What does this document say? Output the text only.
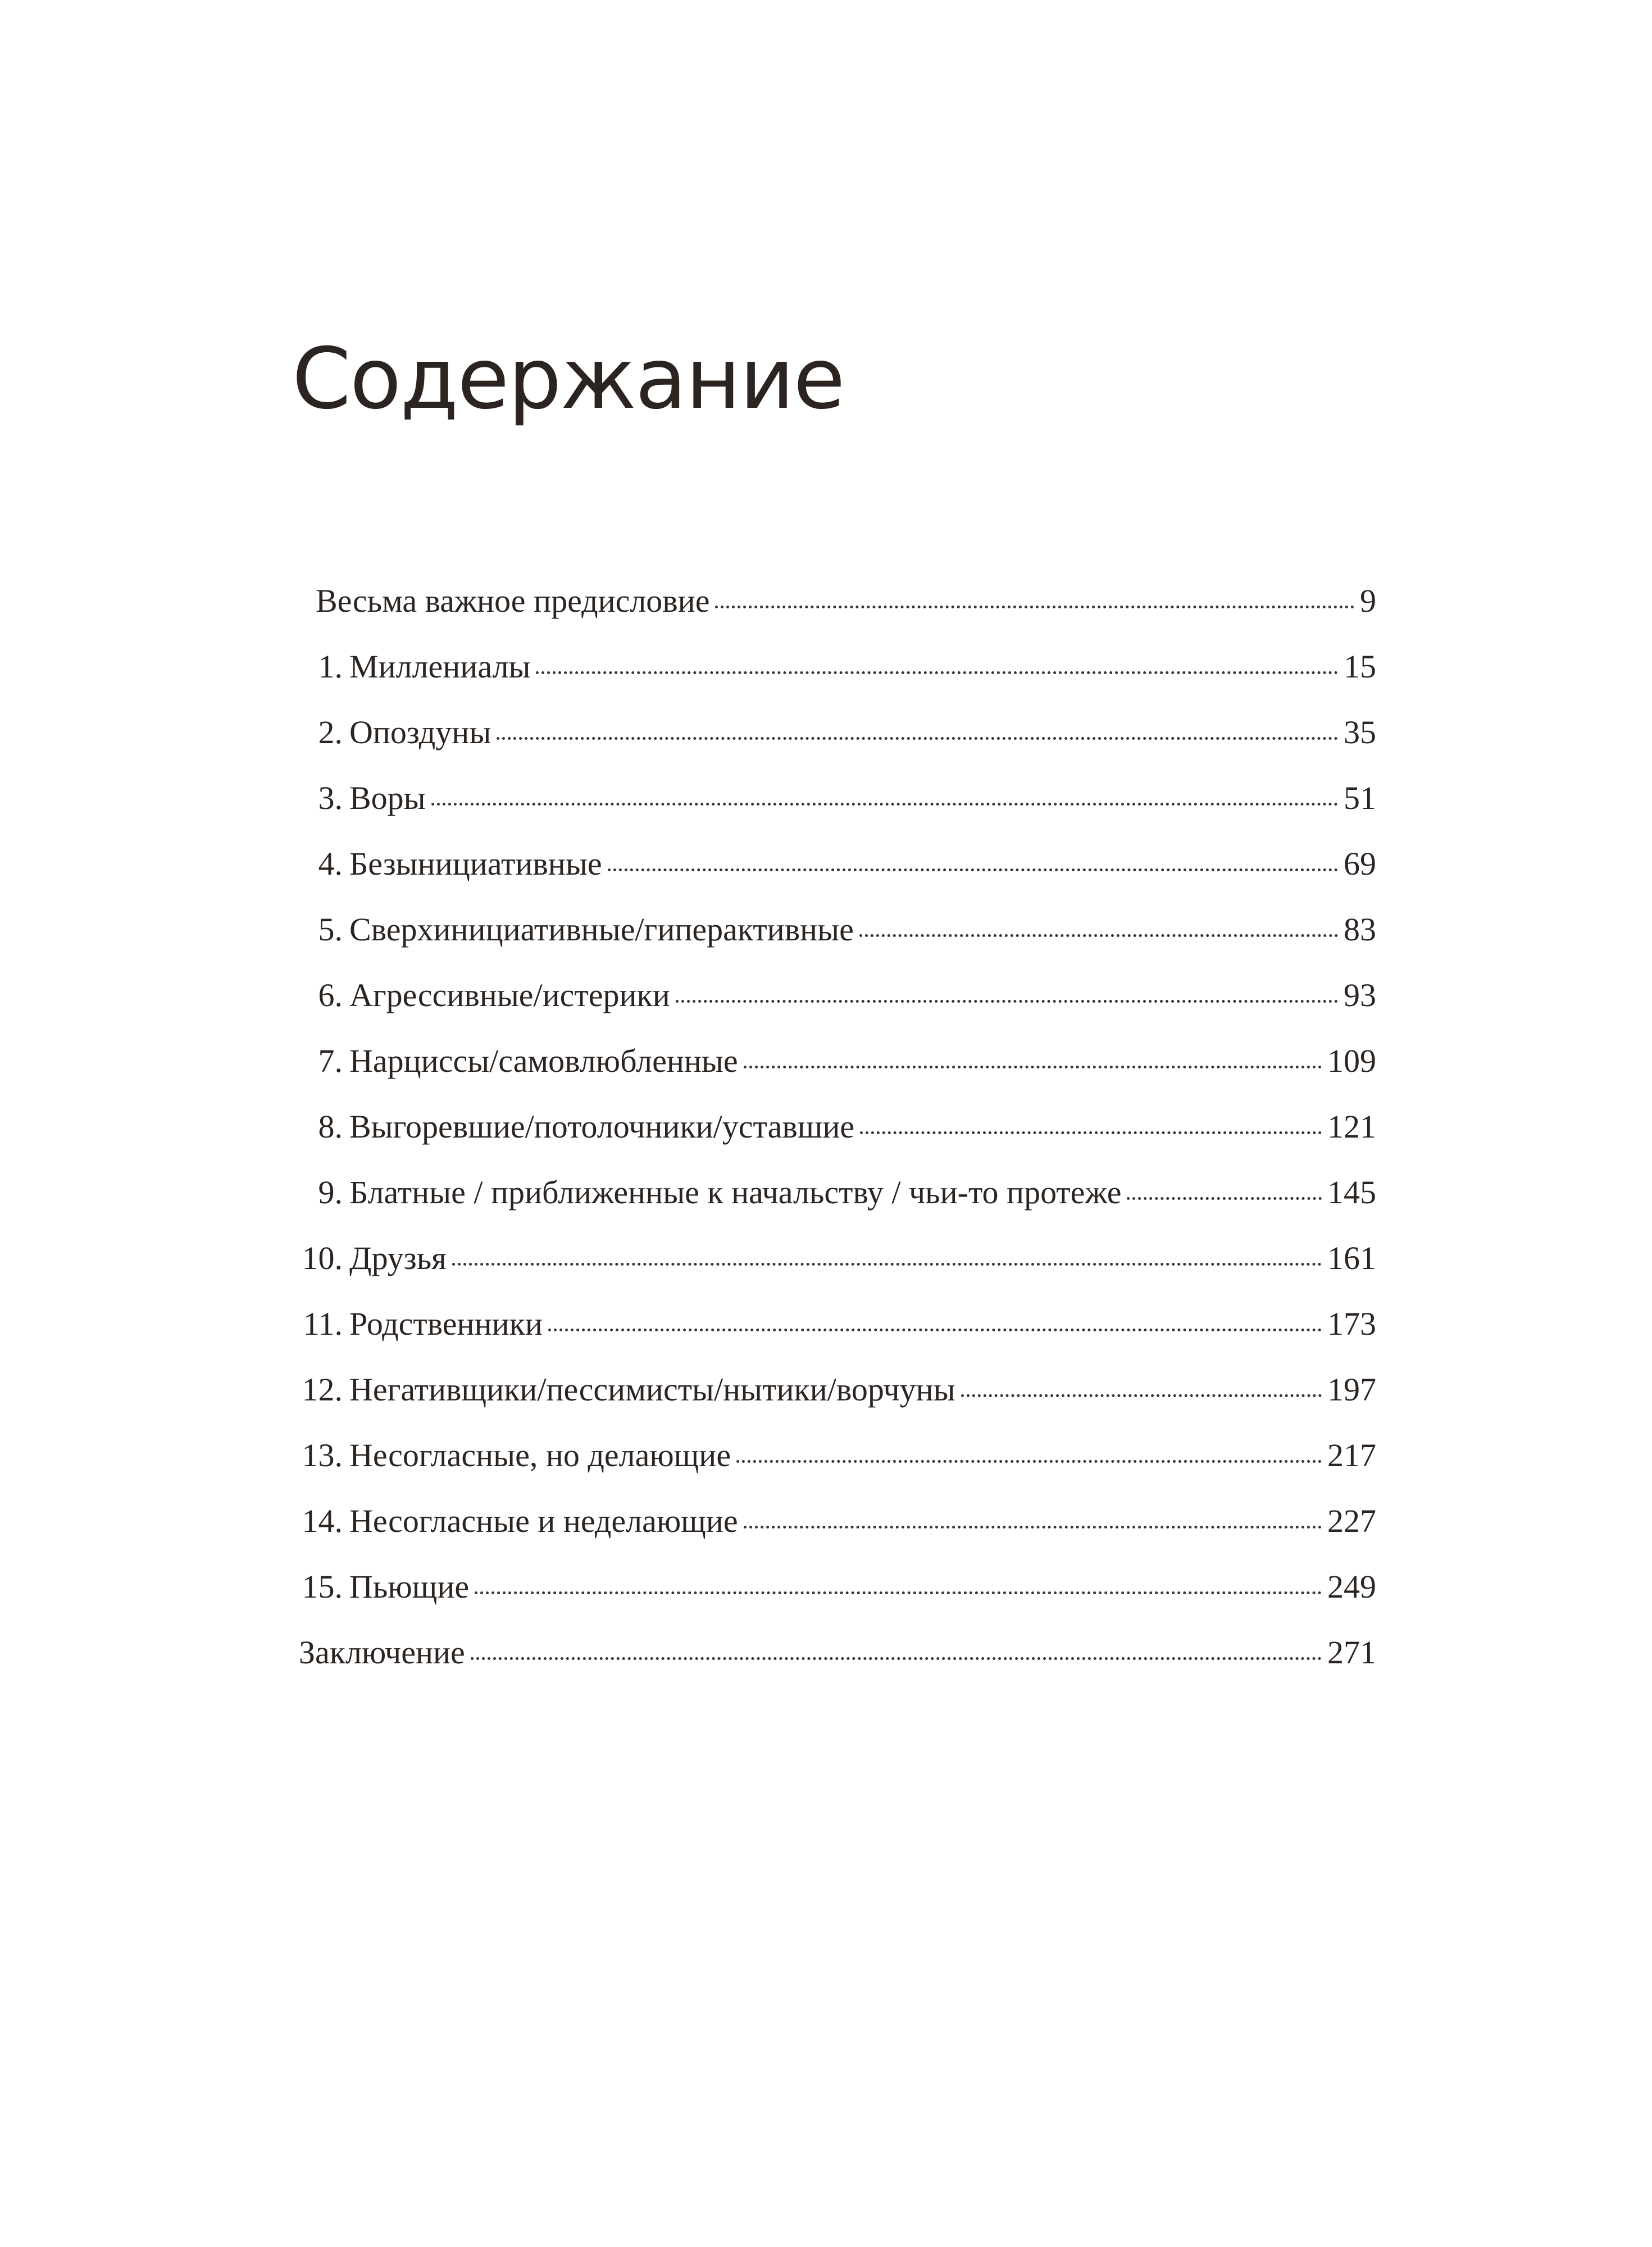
Содержание
Весьма важное предисловие	9
1. Миллениалы	15
2. Опоздуны	35
3. Воры	51
4. Безынициативные	69
5. Сверхинициативные/гиперактивные	83
6. Агрессивные/истерики	93
7. Нарциссы/самовлюбленные	109
8. Выгоревшие/потолочники/уставшие	121
9. Блатные / приближенные к начальству / чьи-то протеже	145
10. Друзья	161
11. Родственники	173
12. Негативщики/пессимисты/нытики/ворчуны	197
13. Несогласные, но делающие	217
14. Несогласные и неделающие	227
15. Пьющие	249
Заключение	271
